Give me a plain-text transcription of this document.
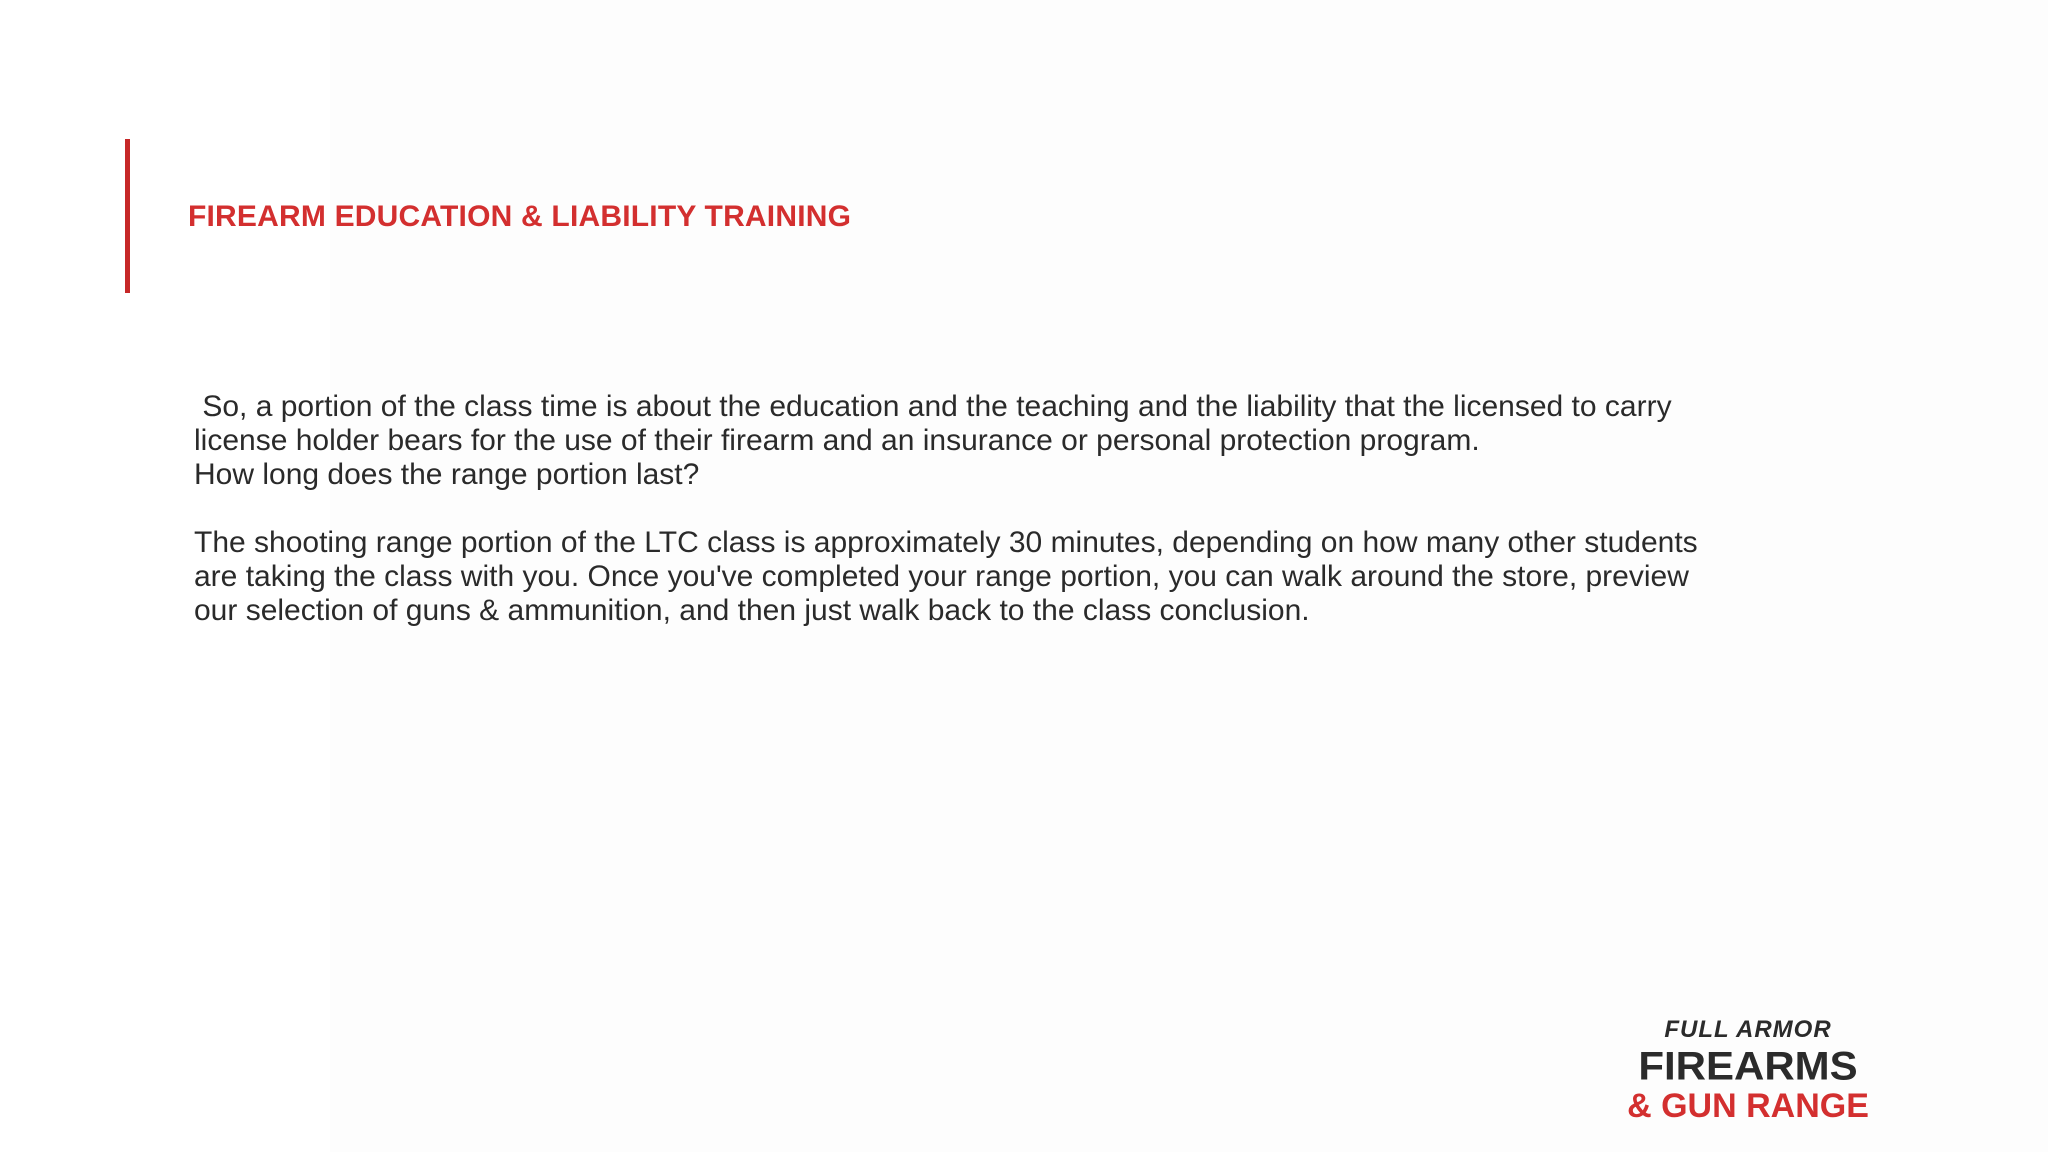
FIREARM EDUCATION & LIABILITY TRAINING

So, a portion of the class time is about the education and the teaching and the liability that the licensed to carry

license holder bears for the use of their firearm and an insurance or personal protection program.

How long does the range portion last?

The shooting range portion of the LTC class is approximately 30 minutes, depending on how many other students

are taking the class with you. Once you've completed your range portion, you can walk around the store, preview

our selection of guns & ammunition, and then just walk back to the class conclusion.

FULL ARMOR
FIREARMS
& GUN RANGE
